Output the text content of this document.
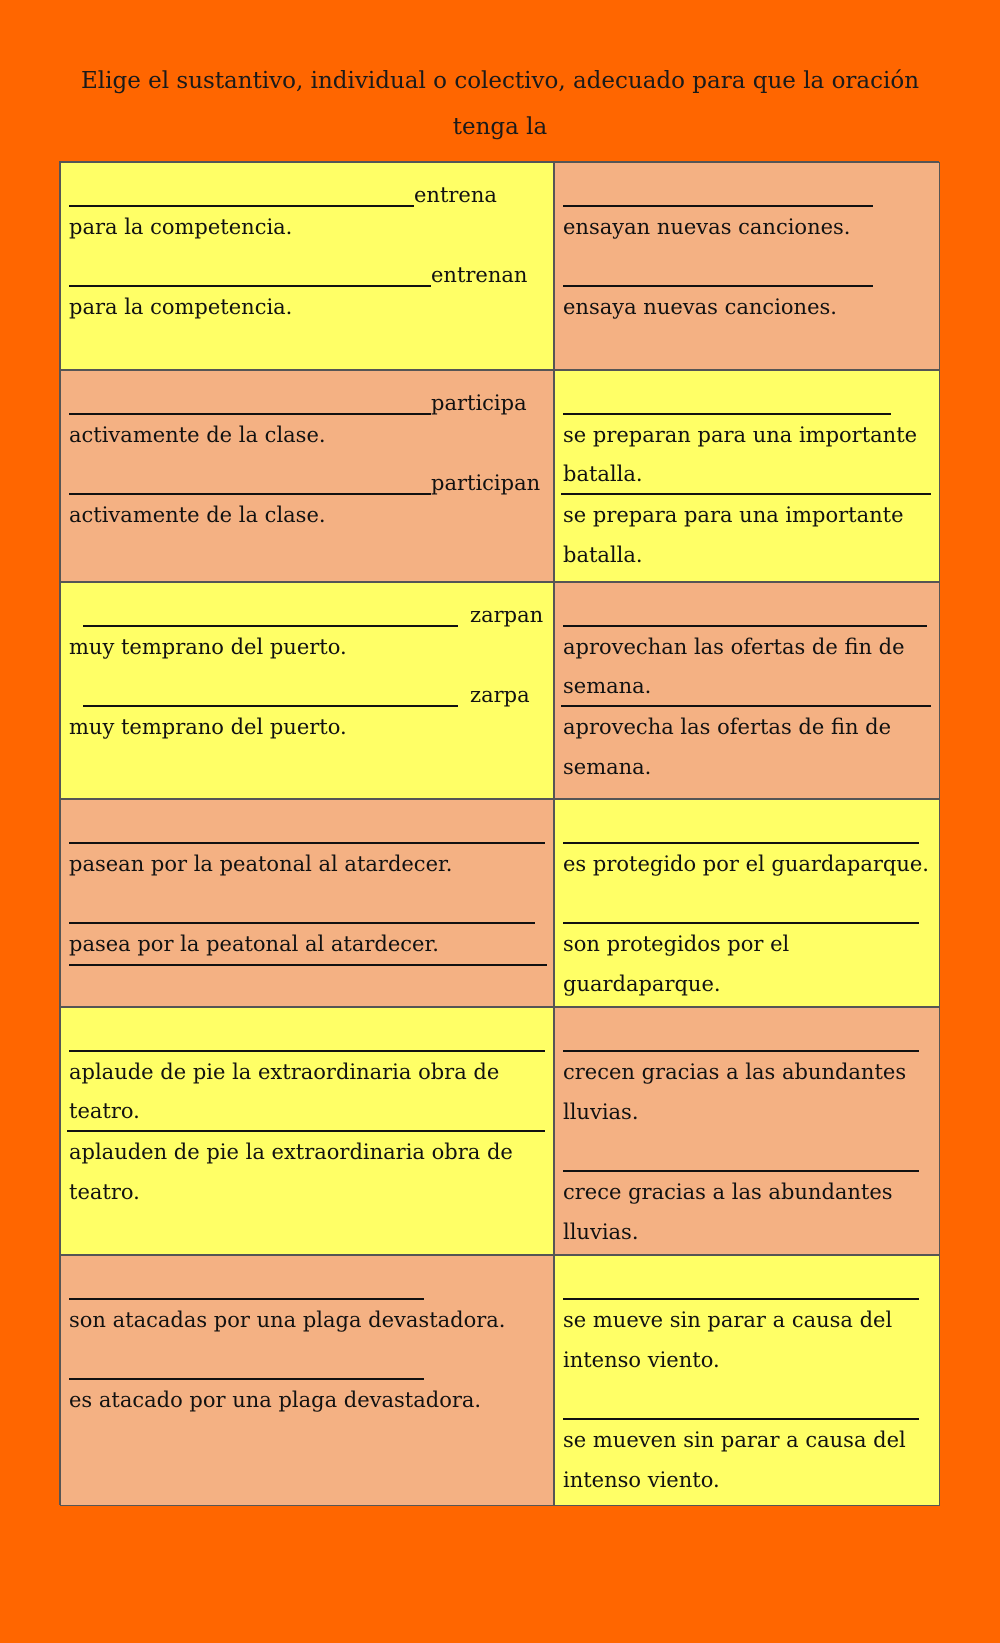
Elige el sustantivo, individual o colectivo, adecuado para que la oración tenga la

entrena
para la competencia.
entrenan
para la competencia.
ensayan nuevas canciones.
ensaya nuevas canciones.
participa
activamente de la clase.
participan
activamente de la clase.
se preparan para una importante
batalla.
se prepara para una importante
batalla.
zarpan
muy temprano del puerto.
zarpa
muy temprano del puerto.
aprovechan las ofertas de fin de
semana.
aprovecha las ofertas de fin de
semana.
pasean por la peatonal al atardecer.
pasea por la peatonal al atardecer.
es protegido por el guardaparque.
son protegidos por el
guardaparque.
aplaude de pie la extraordinaria obra de
teatro.
aplauden de pie la extraordinaria obra de
teatro.
crecen gracias a las abundantes
lluvias.
crece gracias a las abundantes
lluvias.
son atacadas por una plaga devastadora.
es atacado por una plaga devastadora.
se mueve sin parar a causa del
intenso viento.
se mueven sin parar a causa del
intenso viento.
